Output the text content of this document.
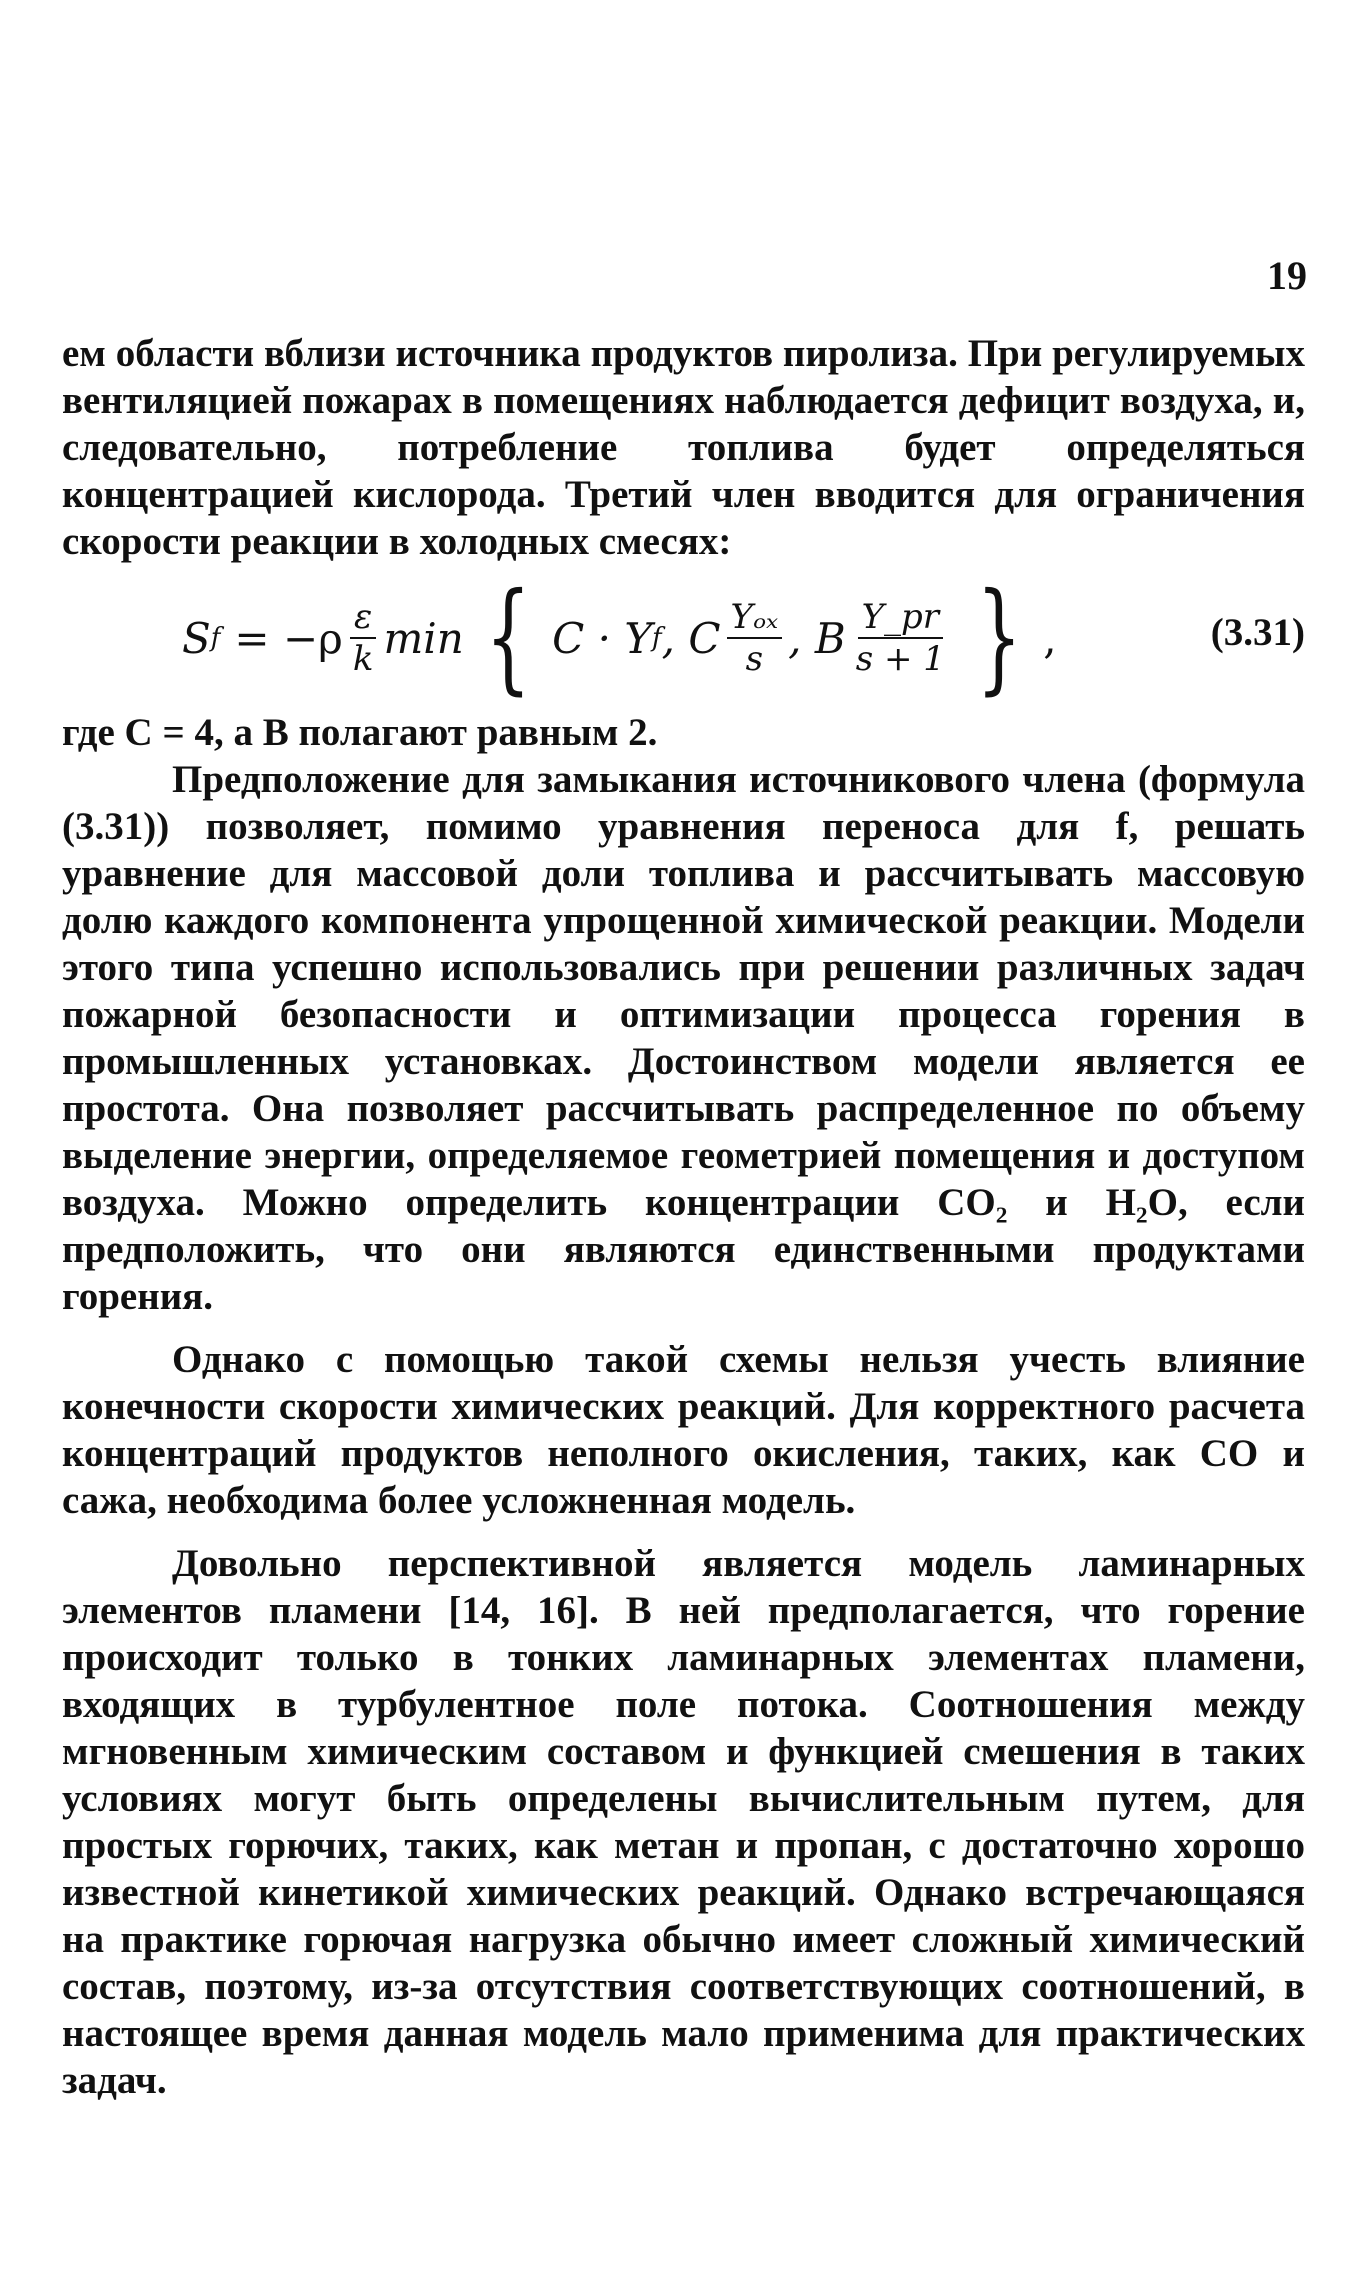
19

ем области вблизи источника продуктов пиролиза. При регулируемых вентиляцией пожарах в помещениях наблюдается дефицит воздуха, и, следовательно, потребление топлива будет определяться концентрацией кислорода. Третий член вводится для ограничения скорости реакции в холодных смесях:

S $f = -\rho \frac{\varepsilon}{k}$ min { C · Y f , C $\frac{\text{Yₒₓ}}{s}$ , B $\frac{Y\_pr}{s + 1}$ } ,	(3.31)

где C = 4, а B полагают равным 2.

Предположение для замыкания источникового члена (формула (3.31)) позволяет, помимо уравнения переноса для f, решать уравнение для массовой доли топлива и рассчитывать массовую долю каждого компонента упрощенной химической реакции. Модели этого типа успешно использовались при решении различных задач пожарной безопасности и оптимизации процесса горения в промышленных установках. Достоинством модели является ее простота. Она позволяет рассчитывать распределенное по объему выделение энергии, определяемое геометрией помещения и доступом воздуха. Можно определить концентрации CO₂ и H₂O, если предположить, что они являются единственными продуктами горения.

Однако с помощью такой схемы нельзя учесть влияние конечности скорости химических реакций. Для корректного расчета концентраций продуктов неполного окисления, таких, как CO и сажа, необходима более усложненная модель.

Довольно перспективной является модель ламинарных элементов пламени [14, 16]. В ней предполагается, что горение происходит только в тонких ламинарных элементах пламени, входящих в турбулентное поле потока. Соотношения между мгновенным химическим составом и функцией смешения в таких условиях могут быть определены вычислительным путем, для простых горючих, таких, как метан и пропан, с достаточно хорошо известной кинетикой химических реакций. Однако встречающаяся на практике горючая нагрузка обычно имеет сложный химический состав, поэтому, из-за отсутствия соответствующих соотношений, в настоящее время данная модель мало применима для практических задач.
